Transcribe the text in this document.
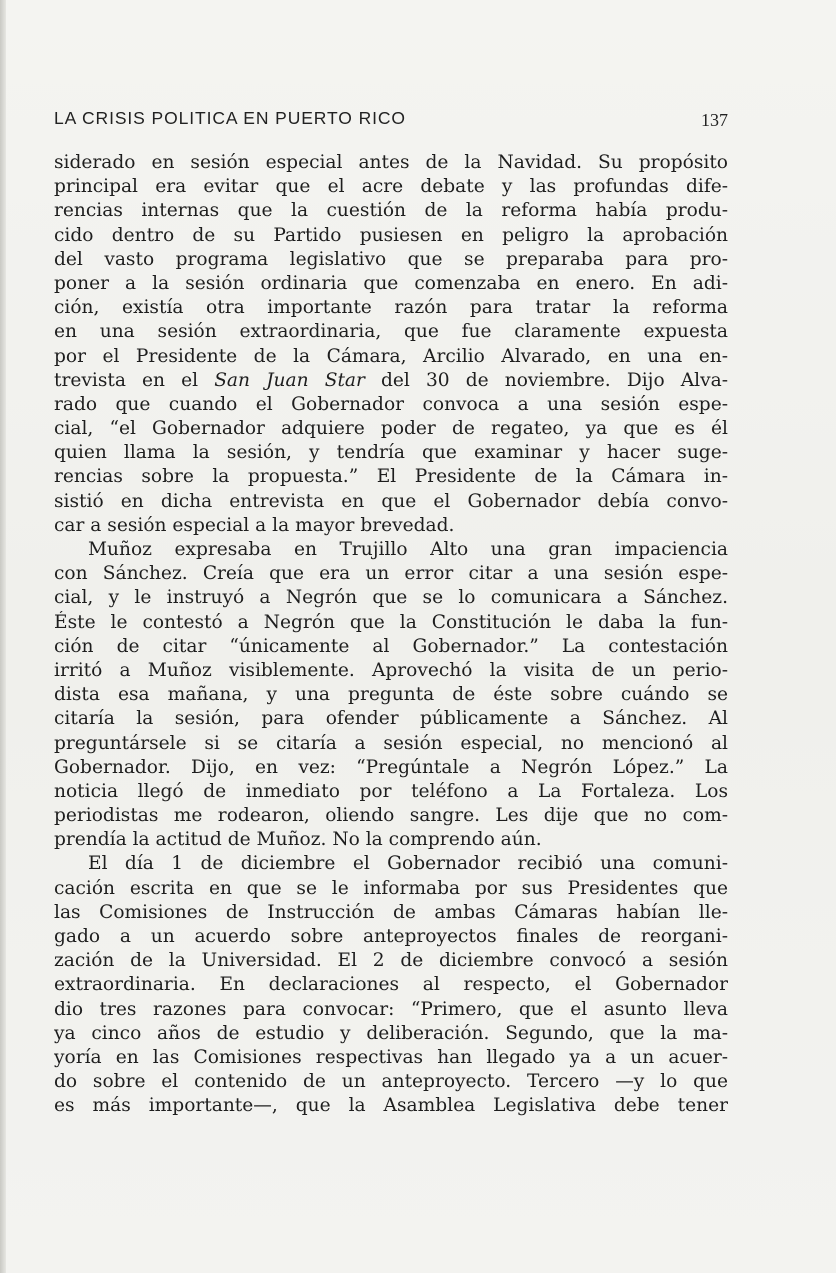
LA CRISIS POLITICA EN PUERTO RICO	137
siderado en sesión especial antes de la Navidad. Su propósito
principal era evitar que el acre debate y las profundas dife-
rencias internas que la cuestión de la reforma había produ-
cido dentro de su Partido pusiesen en peligro la aprobación
del vasto programa legislativo que se preparaba para pro-
poner a la sesión ordinaria que comenzaba en enero. En adi-
ción, existía otra importante razón para tratar la reforma
en una sesión extraordinaria, que fue claramente expuesta
por el Presidente de la Cámara, Arcilio Alvarado, en una en-
trevista en el San Juan Star del 30 de noviembre. Dijo Alva-
rado que cuando el Gobernador convoca a una sesión espe-
cial, “el Gobernador adquiere poder de regateo, ya que es él
quien llama la sesión, y tendría que examinar y hacer suge-
rencias sobre la propuesta.” El Presidente de la Cámara in-
sistió en dicha entrevista en que el Gobernador debía convo-
car a sesión especial a la mayor brevedad.
Muñoz expresaba en Trujillo Alto una gran impaciencia
con Sánchez. Creía que era un error citar a una sesión espe-
cial, y le instruyó a Negrón que se lo comunicara a Sánchez.
Éste le contestó a Negrón que la Constitución le daba la fun-
ción de citar “únicamente al Gobernador.” La contestación
irritó a Muñoz visiblemente. Aprovechó la visita de un perio-
dista esa mañana, y una pregunta de éste sobre cuándo se
citaría la sesión, para ofender públicamente a Sánchez. Al
preguntársele si se citaría a sesión especial, no mencionó al
Gobernador. Dijo, en vez: “Pregúntale a Negrón López.” La
noticia llegó de inmediato por teléfono a La Fortaleza. Los
periodistas me rodearon, oliendo sangre. Les dije que no com-
prendía la actitud de Muñoz. No la comprendo aún.
El día 1 de diciembre el Gobernador recibió una comuni-
cación escrita en que se le informaba por sus Presidentes que
las Comisiones de Instrucción de ambas Cámaras habían lle-
gado a un acuerdo sobre anteproyectos finales de reorgani-
zación de la Universidad. El 2 de diciembre convocó a sesión
extraordinaria. En declaraciones al respecto, el Gobernador
dio tres razones para convocar: “Primero, que el asunto lleva
ya cinco años de estudio y deliberación. Segundo, que la ma-
yoría en las Comisiones respectivas han llegado ya a un acuer-
do sobre el contenido de un anteproyecto. Tercero —y lo que
es más importante—, que la Asamblea Legislativa debe tener
